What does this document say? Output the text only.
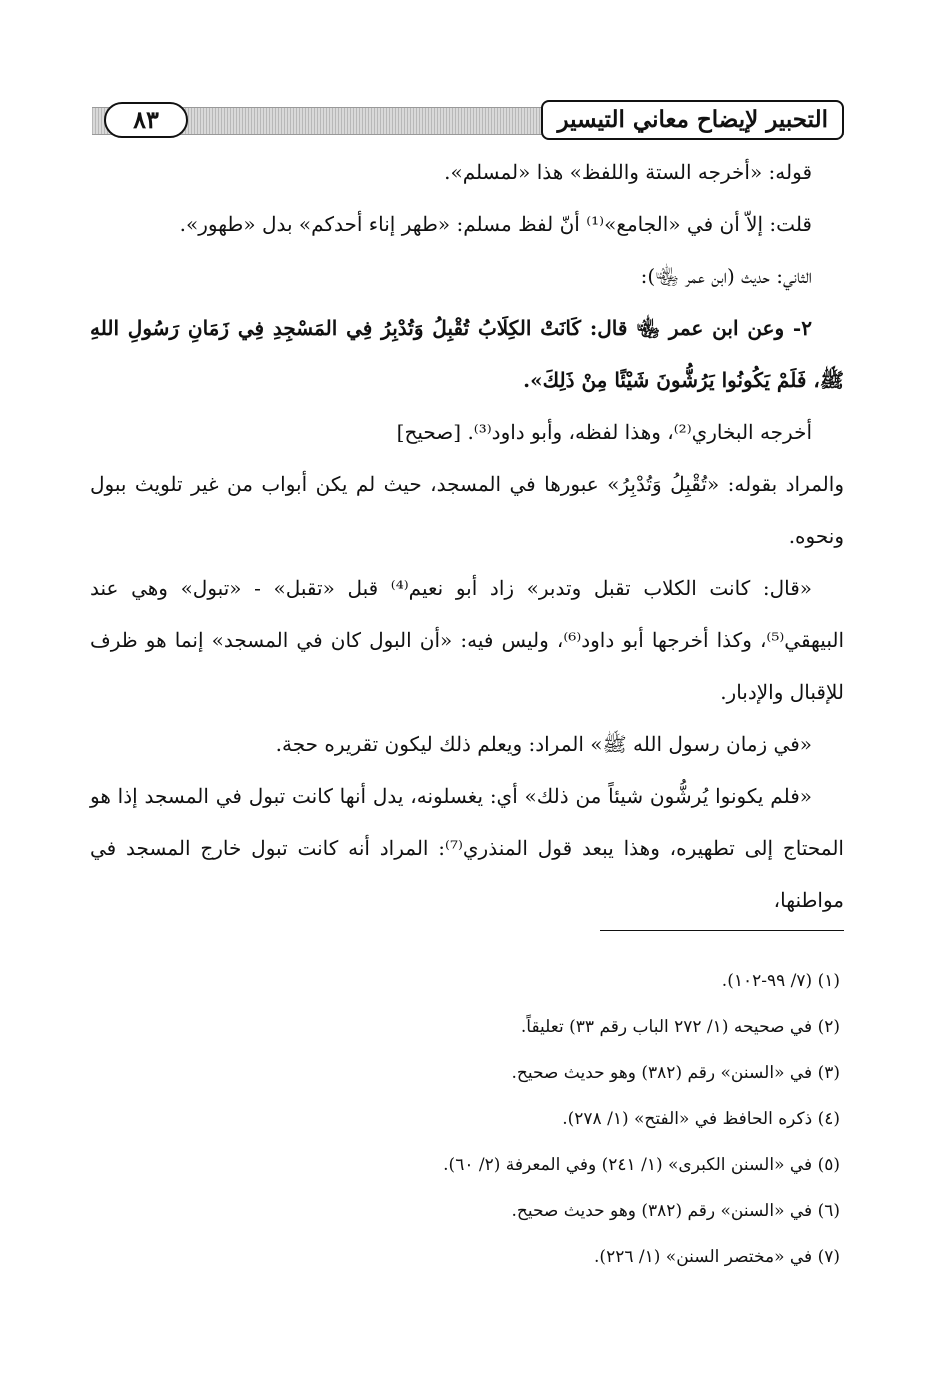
٨٣	التحبير لإيضاح معاني التيسير

قوله: «أخرجه الستة واللفظ» هذا «لمسلم».

قلت: إلاّ أن في «الجامع»⁽¹⁾ أنّ لفظ مسلم: «طهر إناء أحدكم» بدل «طهور».

الثاني: حديث (ابن عمر ﵄):

٢- وعن ابن عمر ﵄ قال: كَانَتْ الكِلَابُ تُقْبِلُ وَتُدْبِرُ فِي المَسْجِدِ فِي زَمَانِ رَسُولِ اللهِ ﷺ، فَلَمْ يَكُونُوا يَرُشُّونَ شَيْئًا مِنْ ذَلِكَ».

أخرجه البخاري⁽²⁾، وهذا لفظه، وأبو داود⁽³⁾. [صحيح]

والمراد بقوله: «تُقْبِلُ وَتُدْبِرُ» عبورها في المسجد، حيث لم يكن أبواب من غير تلويث ببول ونحوه.

«قال: كانت الكلاب تقبل وتدبر» زاد أبو نعيم⁽⁴⁾ قبل «تقبل» - «تبول» وهي عند البيهقي⁽⁵⁾، وكذا أخرجها أبو داود⁽⁶⁾، وليس فيه: «أن البول كان في المسجد» إنما هو ظرف للإقبال والإدبار.

«في زمان رسول الله ﷺ» المراد: ويعلم ذلك ليكون تقريره حجة.

«فلم يكونوا يُرشُّون شيئاً من ذلك» أي: يغسلونه، يدل أنها كانت تبول في المسجد إذا هو المحتاج إلى تطهيره، وهذا يبعد قول المنذري⁽⁷⁾: المراد أنه كانت تبول خارج المسجد في مواطنها،

(١) (٧/ ٩٩-١٠٢).

(٢) في صحيحه (١/ ٢٧٢ الباب رقم ٣٣) تعليقاً.

(٣) في «السنن» رقم (٣٨٢) وهو حديث صحيح.

(٤) ذكره الحافظ في «الفتح» (١/ ٢٧٨).

(٥) في «السنن الكبرى» (١/ ٢٤١) وفي المعرفة (٢/ ٦٠).

(٦) في «السنن» رقم (٣٨٢) وهو حديث صحيح.

(٧) في «مختصر السنن» (١/ ٢٢٦).
